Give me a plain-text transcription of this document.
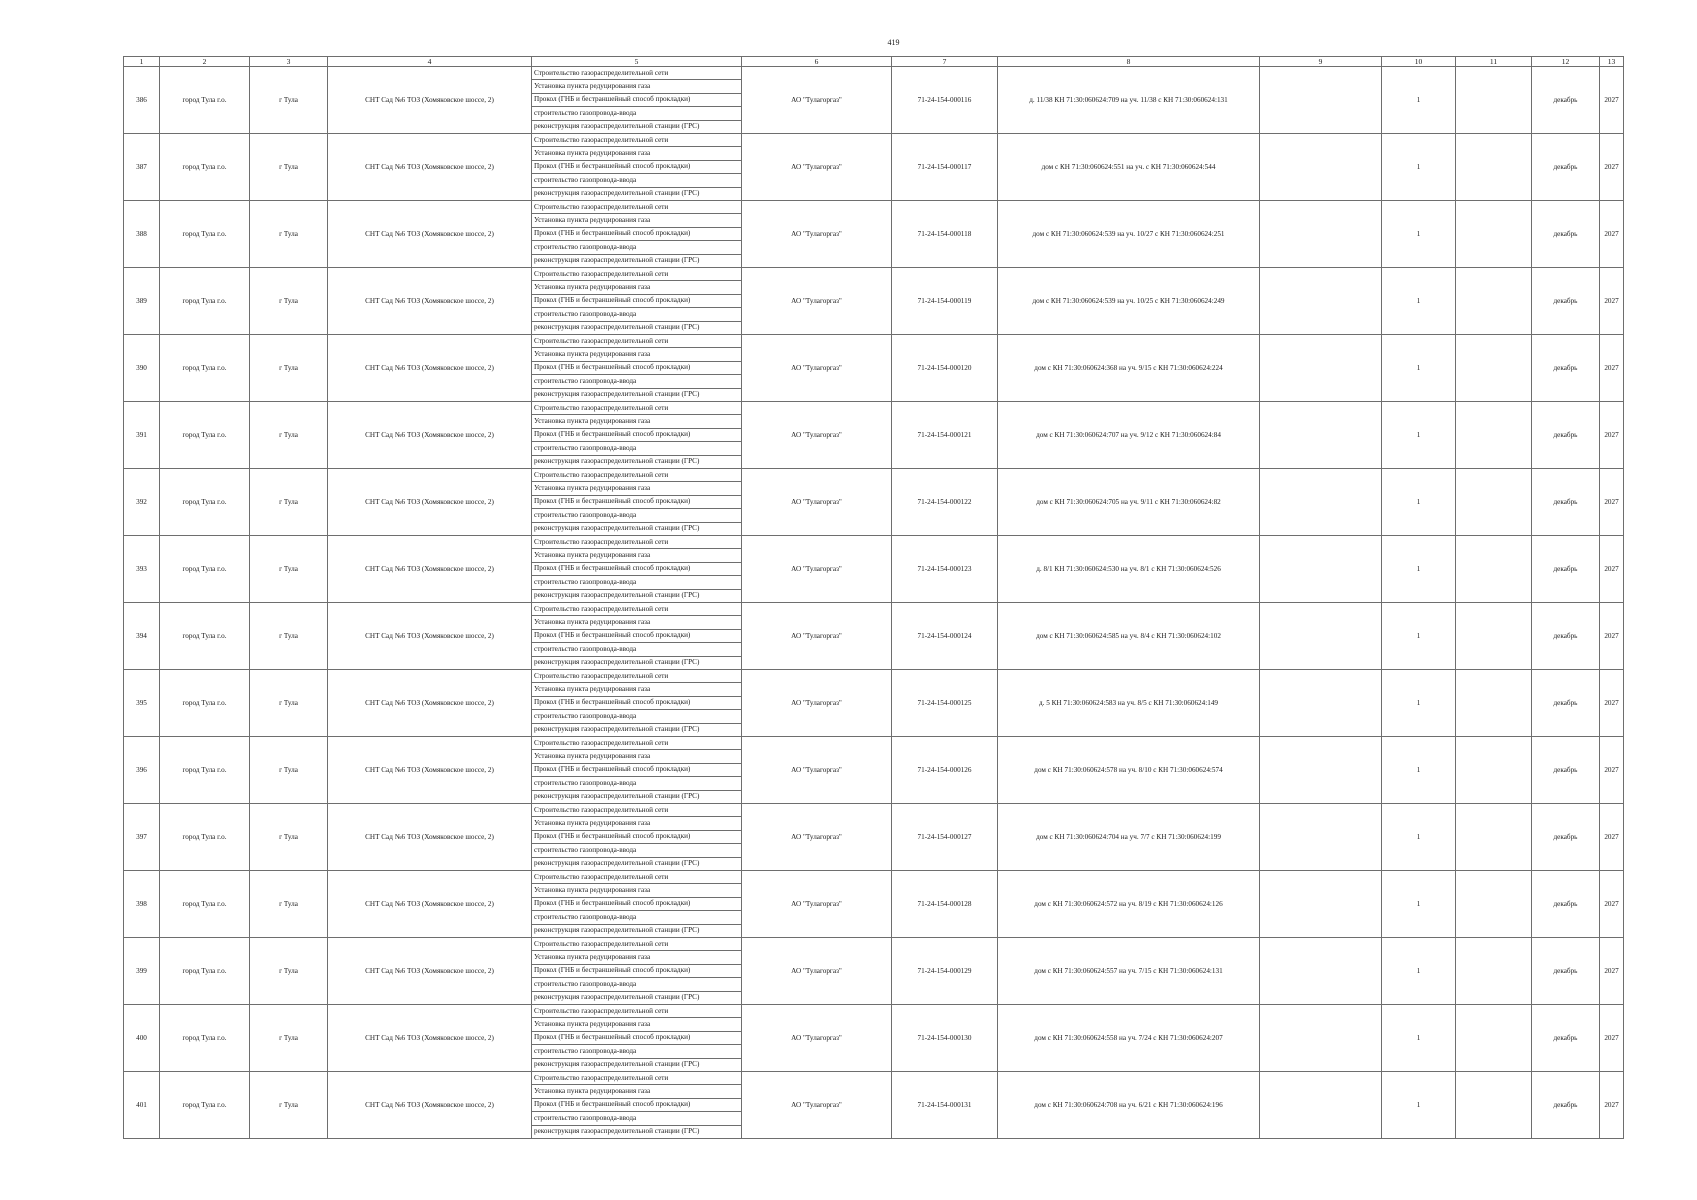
419
1	2	3	4	5	6	7	8	9	10	11	12	13
386	город Тула г.о.	г Тула	СНТ Сад №6 ТОЗ (Хомяковское шоссе, 2)	Строительство газораспределительной сети
Установка пункта редуцирования газа
Прокол (ГНБ и бестраншейный способ прокладки)
строительство газопровода-ввода
реконструкция газораспределительной станции (ГРС)	АО "Тулагоргаз"	71-24-154-000116	д. 11/38 КН 71:30:060624:709 на уч. 11/38 с КН 71:30:060624:131		1		декабрь	2027
387	город Тула г.о.	г Тула	СНТ Сад №6 ТОЗ (Хомяковское шоссе, 2)	Строительство газораспределительной сети
Установка пункта редуцирования газа
Прокол (ГНБ и бестраншейный способ прокладки)
строительство газопровода-ввода
реконструкция газораспределительной станции (ГРС)	АО "Тулагоргаз"	71-24-154-000117	дом с КН 71:30:060624:551 на уч. с КН 71:30:060624:544		1		декабрь	2027
388	город Тула г.о.	г Тула	СНТ Сад №6 ТОЗ (Хомяковское шоссе, 2)	Строительство газораспределительной сети
Установка пункта редуцирования газа
Прокол (ГНБ и бестраншейный способ прокладки)
строительство газопровода-ввода
реконструкция газораспределительной станции (ГРС)	АО "Тулагоргаз"	71-24-154-000118	дом с КН 71:30:060624:539 на уч. 10/27 с КН 71:30:060624:251		1		декабрь	2027
389	город Тула г.о.	г Тула	СНТ Сад №6 ТОЗ (Хомяковское шоссе, 2)	Строительство газораспределительной сети
Установка пункта редуцирования газа
Прокол (ГНБ и бестраншейный способ прокладки)
строительство газопровода-ввода
реконструкция газораспределительной станции (ГРС)	АО "Тулагоргаз"	71-24-154-000119	дом с КН 71:30:060624:539 на уч. 10/25 с КН 71:30:060624:249		1		декабрь	2027
390	город Тула г.о.	г Тула	СНТ Сад №6 ТОЗ (Хомяковское шоссе, 2)	Строительство газораспределительной сети
Установка пункта редуцирования газа
Прокол (ГНБ и бестраншейный способ прокладки)
строительство газопровода-ввода
реконструкция газораспределительной станции (ГРС)	АО "Тулагоргаз"	71-24-154-000120	дом с КН 71:30:060624:368 на уч. 9/15 с КН 71:30:060624:224		1		декабрь	2027
391	город Тула г.о.	г Тула	СНТ Сад №6 ТОЗ (Хомяковское шоссе, 2)	Строительство газораспределительной сети
Установка пункта редуцирования газа
Прокол (ГНБ и бестраншейный способ прокладки)
строительство газопровода-ввода
реконструкция газораспределительной станции (ГРС)	АО "Тулагоргаз"	71-24-154-000121	дом с КН 71:30:060624:707 на уч. 9/12 с КН 71:30:060624:84		1		декабрь	2027
392	город Тула г.о.	г Тула	СНТ Сад №6 ТОЗ (Хомяковское шоссе, 2)	Строительство газораспределительной сети
Установка пункта редуцирования газа
Прокол (ГНБ и бестраншейный способ прокладки)
строительство газопровода-ввода
реконструкция газораспределительной станции (ГРС)	АО "Тулагоргаз"	71-24-154-000122	дом с КН 71:30:060624:705 на уч. 9/11 с КН 71:30:060624:82		1		декабрь	2027
393	город Тула г.о.	г Тула	СНТ Сад №6 ТОЗ (Хомяковское шоссе, 2)	Строительство газораспределительной сети
Установка пункта редуцирования газа
Прокол (ГНБ и бестраншейный способ прокладки)
строительство газопровода-ввода
реконструкция газораспределительной станции (ГРС)	АО "Тулагоргаз"	71-24-154-000123	д. 8/1 КН 71:30:060624:530 на уч. 8/1 с КН 71:30:060624:526		1		декабрь	2027
394	город Тула г.о.	г Тула	СНТ Сад №6 ТОЗ (Хомяковское шоссе, 2)	Строительство газораспределительной сети
Установка пункта редуцирования газа
Прокол (ГНБ и бестраншейный способ прокладки)
строительство газопровода-ввода
реконструкция газораспределительной станции (ГРС)	АО "Тулагоргаз"	71-24-154-000124	дом с КН 71:30:060624:585 на уч. 8/4 с КН 71:30:060624:102		1		декабрь	2027
395	город Тула г.о.	г Тула	СНТ Сад №6 ТОЗ (Хомяковское шоссе, 2)	Строительство газораспределительной сети
Установка пункта редуцирования газа
Прокол (ГНБ и бестраншейный способ прокладки)
строительство газопровода-ввода
реконструкция газораспределительной станции (ГРС)	АО "Тулагоргаз"	71-24-154-000125	д. 5 КН 71:30:060624:583 на уч. 8/5 с КН 71:30:060624:149		1		декабрь	2027
396	город Тула г.о.	г Тула	СНТ Сад №6 ТОЗ (Хомяковское шоссе, 2)	Строительство газораспределительной сети
Установка пункта редуцирования газа
Прокол (ГНБ и бестраншейный способ прокладки)
строительство газопровода-ввода
реконструкция газораспределительной станции (ГРС)	АО "Тулагоргаз"	71-24-154-000126	дом с КН 71:30:060624:578 на уч. 8/10 с КН 71:30:060624:574		1		декабрь	2027
397	город Тула г.о.	г Тула	СНТ Сад №6 ТОЗ (Хомяковское шоссе, 2)	Строительство газораспределительной сети
Установка пункта редуцирования газа
Прокол (ГНБ и бестраншейный способ прокладки)
строительство газопровода-ввода
реконструкция газораспределительной станции (ГРС)	АО "Тулагоргаз"	71-24-154-000127	дом с КН 71:30:060624:704 на уч. 7/7 с КН 71:30:060624:199		1		декабрь	2027
398	город Тула г.о.	г Тула	СНТ Сад №6 ТОЗ (Хомяковское шоссе, 2)	Строительство газораспределительной сети
Установка пункта редуцирования газа
Прокол (ГНБ и бестраншейный способ прокладки)
строительство газопровода-ввода
реконструкция газораспределительной станции (ГРС)	АО "Тулагоргаз"	71-24-154-000128	дом с КН 71:30:060624:572 на уч. 8/19 с КН 71:30:060624:126		1		декабрь	2027
399	город Тула г.о.	г Тула	СНТ Сад №6 ТОЗ (Хомяковское шоссе, 2)	Строительство газораспределительной сети
Установка пункта редуцирования газа
Прокол (ГНБ и бестраншейный способ прокладки)
строительство газопровода-ввода
реконструкция газораспределительной станции (ГРС)	АО "Тулагоргаз"	71-24-154-000129	дом с КН 71:30:060624:557 на уч. 7/15 с КН 71:30:060624:131		1		декабрь	2027
400	город Тула г.о.	г Тула	СНТ Сад №6 ТОЗ (Хомяковское шоссе, 2)	Строительство газораспределительной сети
Установка пункта редуцирования газа
Прокол (ГНБ и бестраншейный способ прокладки)
строительство газопровода-ввода
реконструкция газораспределительной станции (ГРС)	АО "Тулагоргаз"	71-24-154-000130	дом с КН 71:30:060624:558 на уч. 7/24 с КН 71:30:060624:207		1		декабрь	2027
401	город Тула г.о.	г Тула	СНТ Сад №6 ТОЗ (Хомяковское шоссе, 2)	Строительство газораспределительной сети
Установка пункта редуцирования газа
Прокол (ГНБ и бестраншейный способ прокладки)
строительство газопровода-ввода
реконструкция газораспределительной станции (ГРС)	АО "Тулагоргаз"	71-24-154-000131	дом с КН 71:30:060624:708 на уч. 6/21 с КН 71:30:060624:196		1		декабрь	2027
